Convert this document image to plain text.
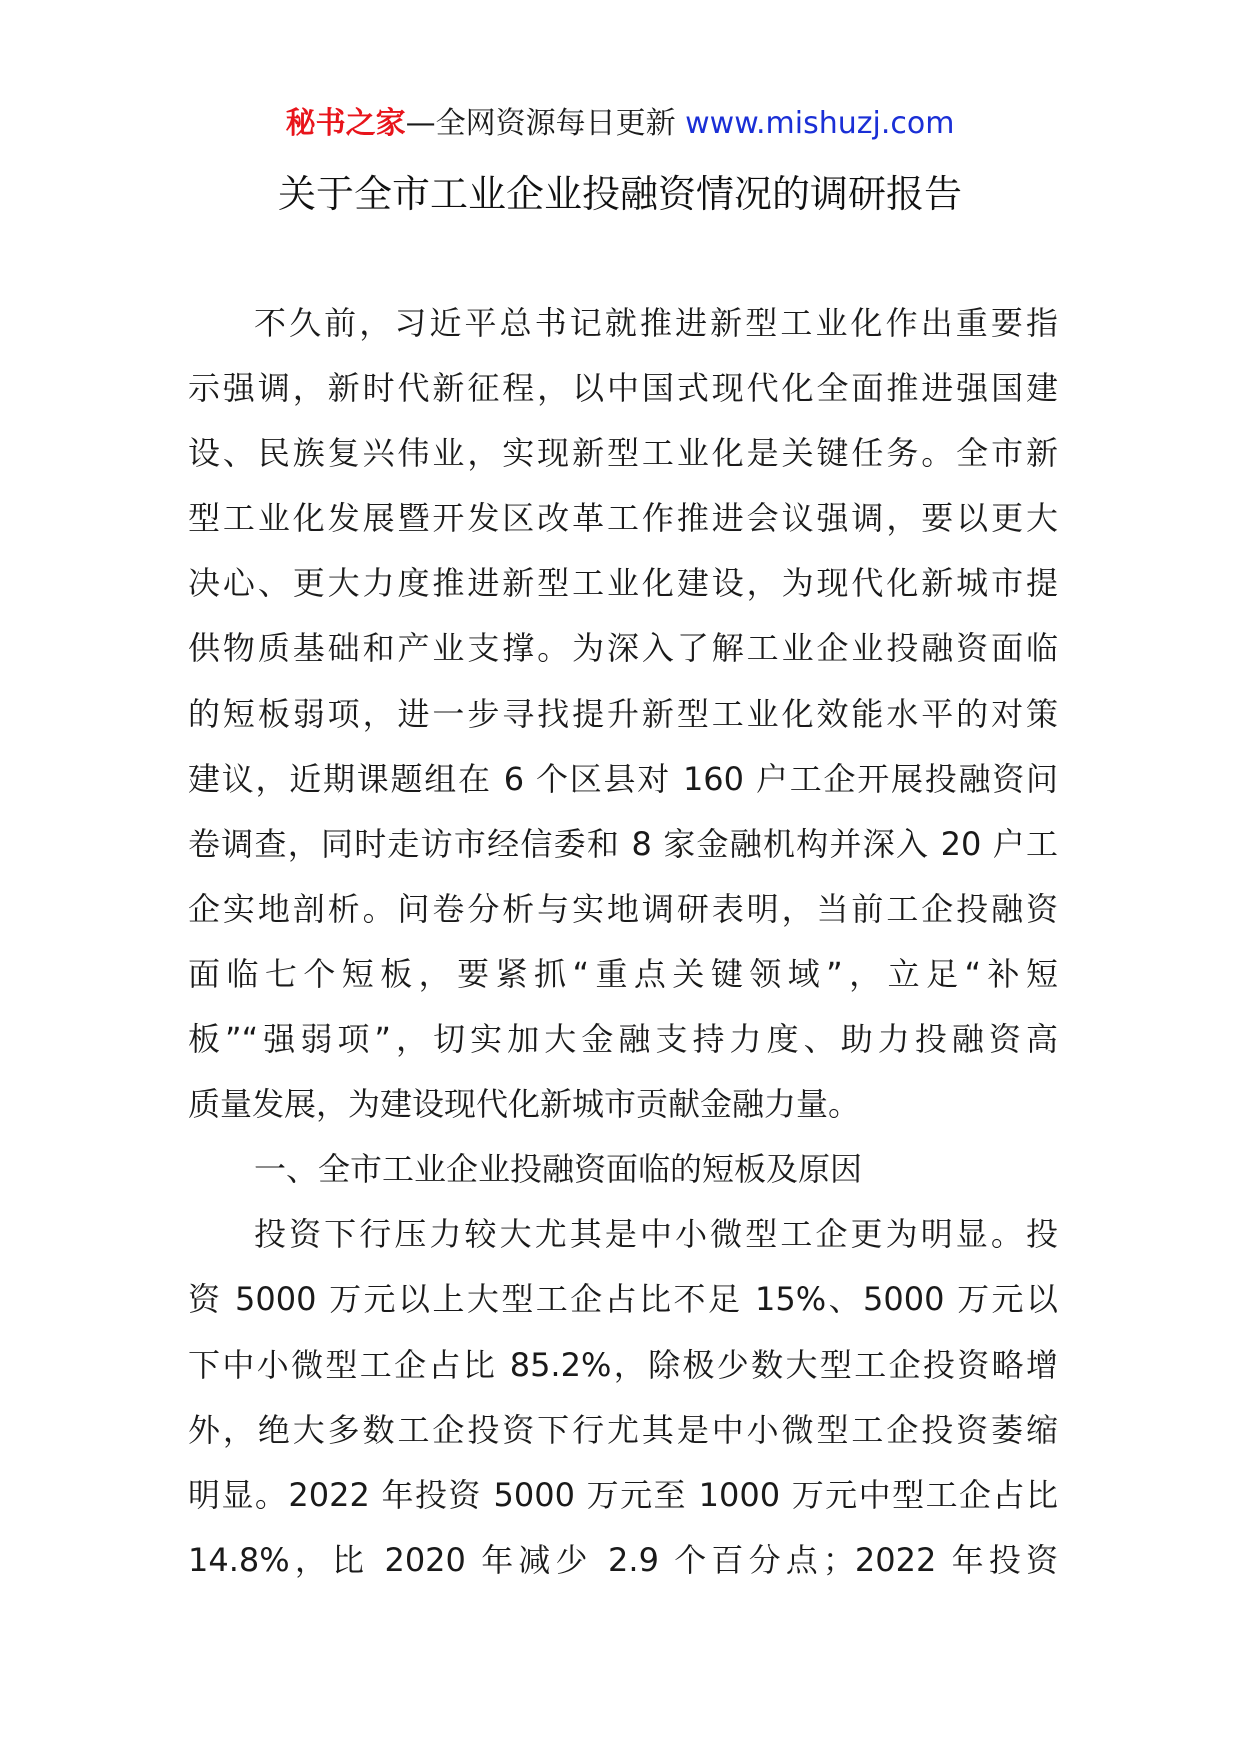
秘书之家—全网资源每日更新 www.mishuzj.com
关于全市工业企业投融资情况的调研报告
不久前，习近平总书记就推进新型工业化作出重要指
示强调，新时代新征程，以中国式现代化全面推进强国建
设、民族复兴伟业，实现新型工业化是关键任务。全市新
型工业化发展暨开发区改革工作推进会议强调，要以更大
决心、更大力度推进新型工业化建设，为现代化新城市提
供物质基础和产业支撑。为深入了解工业企业投融资面临
的短板弱项，进一步寻找提升新型工业化效能水平的对策
建议，近期课题组在 6 个区县对 160 户工企开展投融资问
卷调查，同时走访市经信委和 8 家金融机构并深入 20 户工
企实地剖析。问卷分析与实地调研表明，当前工企投融资
面临七个短板，要紧抓“重点关键领域”，立足“补短
板”“强弱项”，切实加大金融支持力度、助力投融资高
质量发展，为建设现代化新城市贡献金融力量。
一、全市工业企业投融资面临的短板及原因
投资下行压力较大尤其是中小微型工企更为明显。投
资 5000 万元以上大型工企占比不足 15%、5000 万元以
下中小微型工企占比 85.2%，除极少数大型工企投资略增
外，绝大多数工企投资下行尤其是中小微型工企投资萎缩
明显。2022 年投资 5000 万元至 1000 万元中型工企占比
14.8%，比 2020 年减少 2.9 个百分点；2022 年投资
